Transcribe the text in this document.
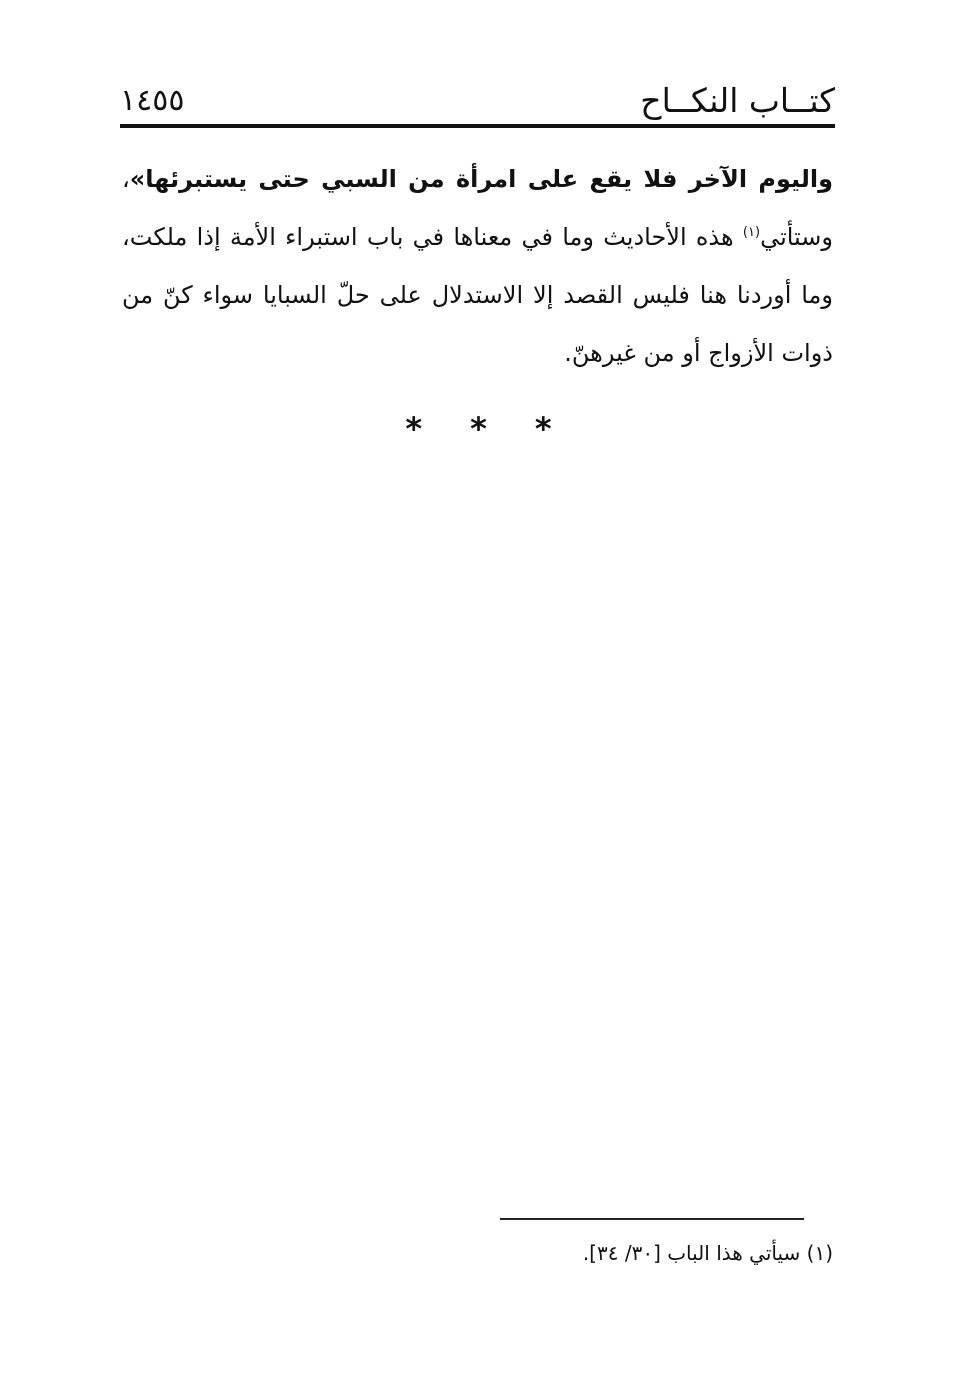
كتــاب النكــاح
١٤٥٥
واليوم الآخر فلا يقع على امرأة من السبي حتى يستبرئها»، وستأتي$^{(١)}$ هذه الأحاديث وما في معناها في باب استبراء الأمة إذا ملكت، وما أوردنا هنا فليس القصد إلا الاستدلال على حلّ السبايا سواء كنّ من ذوات الأزواج أو من غيرهنّ.
* * *
(١) سيأتي هذا الباب [٣٠/ ٣٤].
